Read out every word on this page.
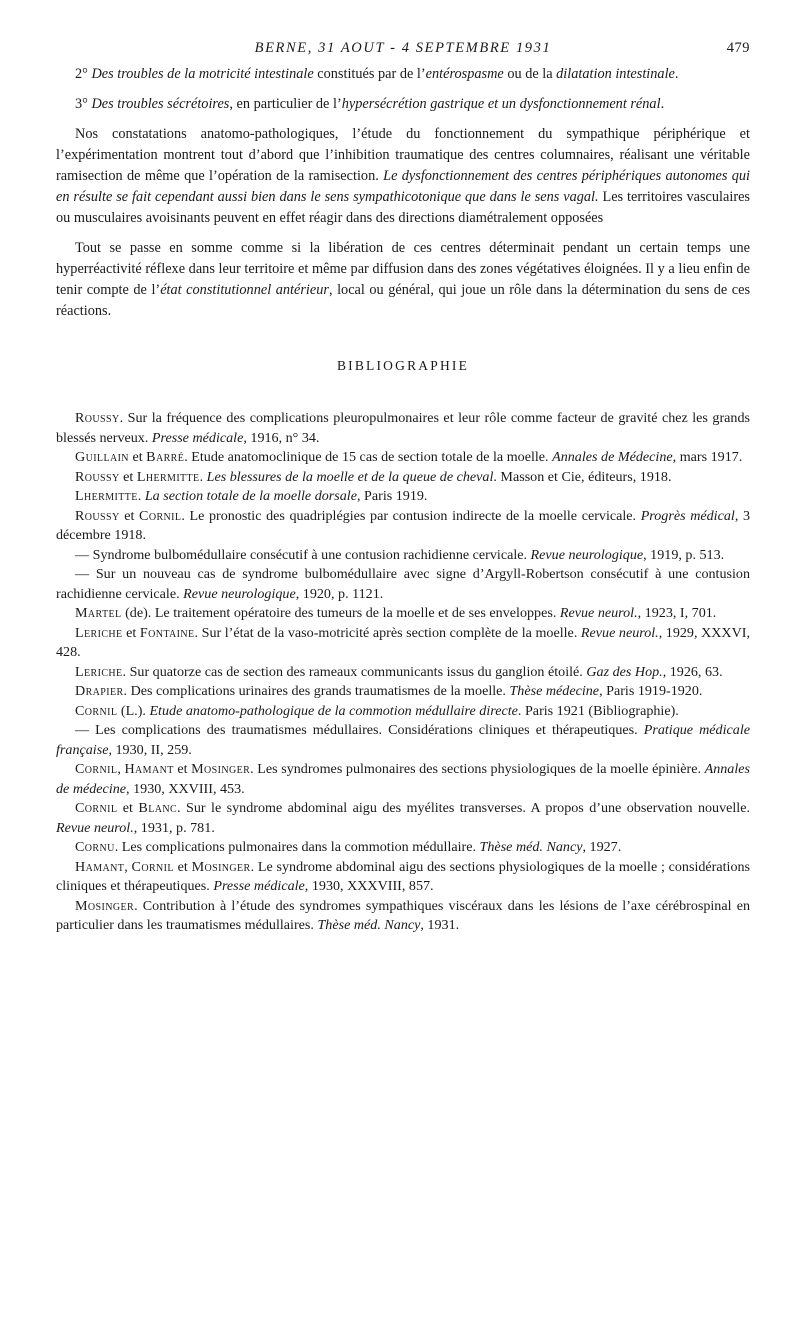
BERNE, 31 AOUT - 4 SEPTEMBRE 1931	479

2° Des troubles de la motricité intestinale constitués par de l’entérospasme ou de la dilatation intestinale.

3° Des troubles sécrétoires, en particulier de l’hypersécrétion gastrique et un dysfonctionnement rénal.

Nos constatations anatomo-pathologiques, l’étude du fonctionnement du sympathique périphérique et l’expérimentation montrent tout d’abord que l’inhibition traumatique des centres columnaires, réalisant une véritable ramisection de même que l’opération de la ramisection. Le dysfonctionnement des centres périphériques autonomes qui en résulte se fait cependant aussi bien dans le sens sympathicotonique que dans le sens vagal. Les territoires vasculaires ou musculaires avoisinants peuvent en effet réagir dans des directions diamétralement opposées

Tout se passe en somme comme si la libération de ces centres déterminait pendant un certain temps une hyperréactivité réflexe dans leur territoire et même par diffusion dans des zones végétatives éloignées. Il y a lieu enfin de tenir compte de l’état constitutionnel antérieur, local ou général, qui joue un rôle dans la détermination du sens de ces réactions.

BIBLIOGRAPHIE

Roussy. Sur la fréquence des complications pleuropulmonaires et leur rôle comme facteur de gravité chez les grands blessés nerveux. Presse médicale, 1916, n° 34.

Guillain et Barré. Etude anatomoclinique de 15 cas de section totale de la moelle. Annales de Médecine, mars 1917.

Roussy et Lhermitte. Les blessures de la moelle et de la queue de cheval. Masson et Cie, éditeurs, 1918.

Lhermitte. La section totale de la moelle dorsale, Paris 1919.

Roussy et Cornil. Le pronostic des quadriplégies par contusion indirecte de la moelle cervicale. Progrès médical, 3 décembre 1918.

— Syndrome bulbomédullaire consécutif à une contusion rachidienne cervicale. Revue neurologique, 1919, p. 513.

— Sur un nouveau cas de syndrome bulbomédullaire avec signe d’Argyll-Robertson consécutif à une contusion rachidienne cervicale. Revue neurologique, 1920, p. 1121.

Martel (de). Le traitement opératoire des tumeurs de la moelle et de ses enveloppes. Revue neurol., 1923, I, 701.

Leriche et Fontaine. Sur l’état de la vaso-motricité après section complète de la moelle. Revue neurol., 1929, XXXVI, 428.

Leriche. Sur quatorze cas de section des rameaux communicants issus du ganglion étoilé. Gaz des Hop., 1926, 63.

Drapier. Des complications urinaires des grands traumatismes de la moelle. Thèse médecine, Paris 1919-1920.

Cornil (L.). Etude anatomo-pathologique de la commotion médullaire directe. Paris 1921 (Bibliographie).

— Les complications des traumatismes médullaires. Considérations cliniques et thérapeutiques. Pratique médicale française, 1930, II, 259.

Cornil, Hamant et Mosinger. Les syndromes pulmonaires des sections physiologiques de la moelle épinière. Annales de médecine, 1930, XXVIII, 453.

Cornil et Blanc. Sur le syndrome abdominal aigu des myélites transverses. A propos d’une observation nouvelle. Revue neurol., 1931, p. 781.

Cornu. Les complications pulmonaires dans la commotion médullaire. Thèse méd. Nancy, 1927.

Hamant, Cornil et Mosinger. Le syndrome abdominal aigu des sections physiologiques de la moelle ; considérations cliniques et thérapeutiques. Presse médicale, 1930, XXXVIII, 857.

Mosinger. Contribution à l’étude des syndromes sympathiques viscéraux dans les lésions de l’axe cérébrospinal en particulier dans les traumatismes médullaires. Thèse méd. Nancy, 1931.
